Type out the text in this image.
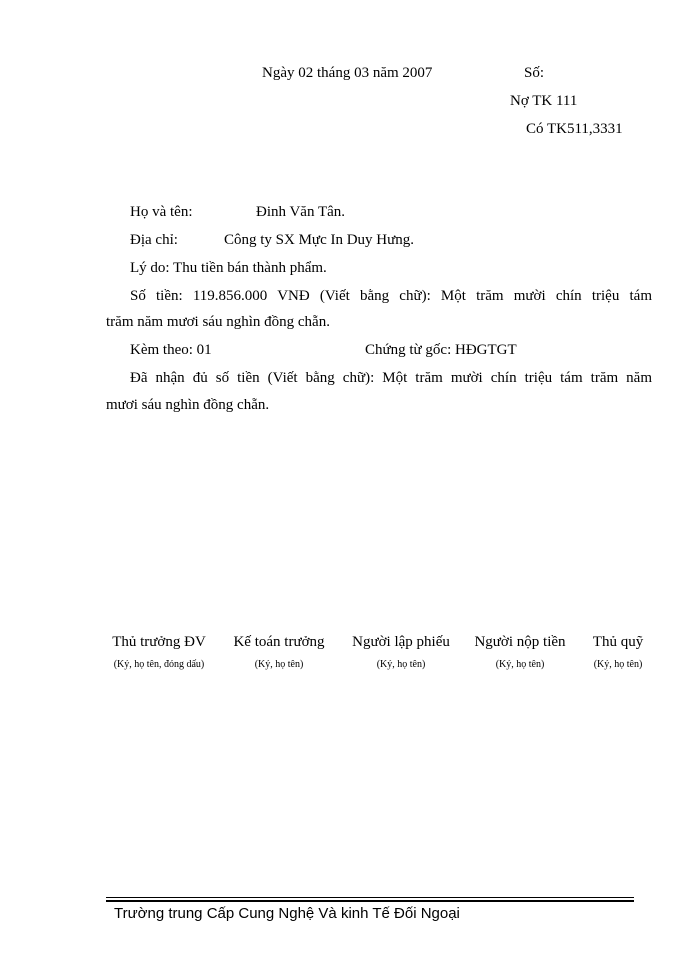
Ngày 02 tháng 03 năm 2007	Số:
Nợ TK 111
Có TK511,3331
Họ và tên:	Đinh Văn Tân.
Địa chỉ:	Công ty SX Mực In Duy Hưng.
Lý do: Thu tiền bán thành phẩm.
Số tiền: 119.856.000 VNĐ (Viết bằng chữ): Một trăm mười chín triệu tám
trăm năm mươi sáu nghìn đồng chẵn.
Kèm theo: 01	Chứng từ gốc: HĐGTGT
Đã nhận đủ số tiền (Viết bằng chữ): Một trăm mười chín triệu tám trăm năm
mươi sáu nghìn đồng chẵn.
Thủ trưởng ĐV
(Ký, họ tên, đóng dấu)
Kế toán trưởng
(Ký, họ tên)
Người lập phiếu
(Ký, họ tên)
Người nộp tiền
(Ký, họ tên)
Thủ quỹ
(Ký, họ tên)
Trường trung Cấp Cung Nghệ Và kinh Tế Đối Ngoại
